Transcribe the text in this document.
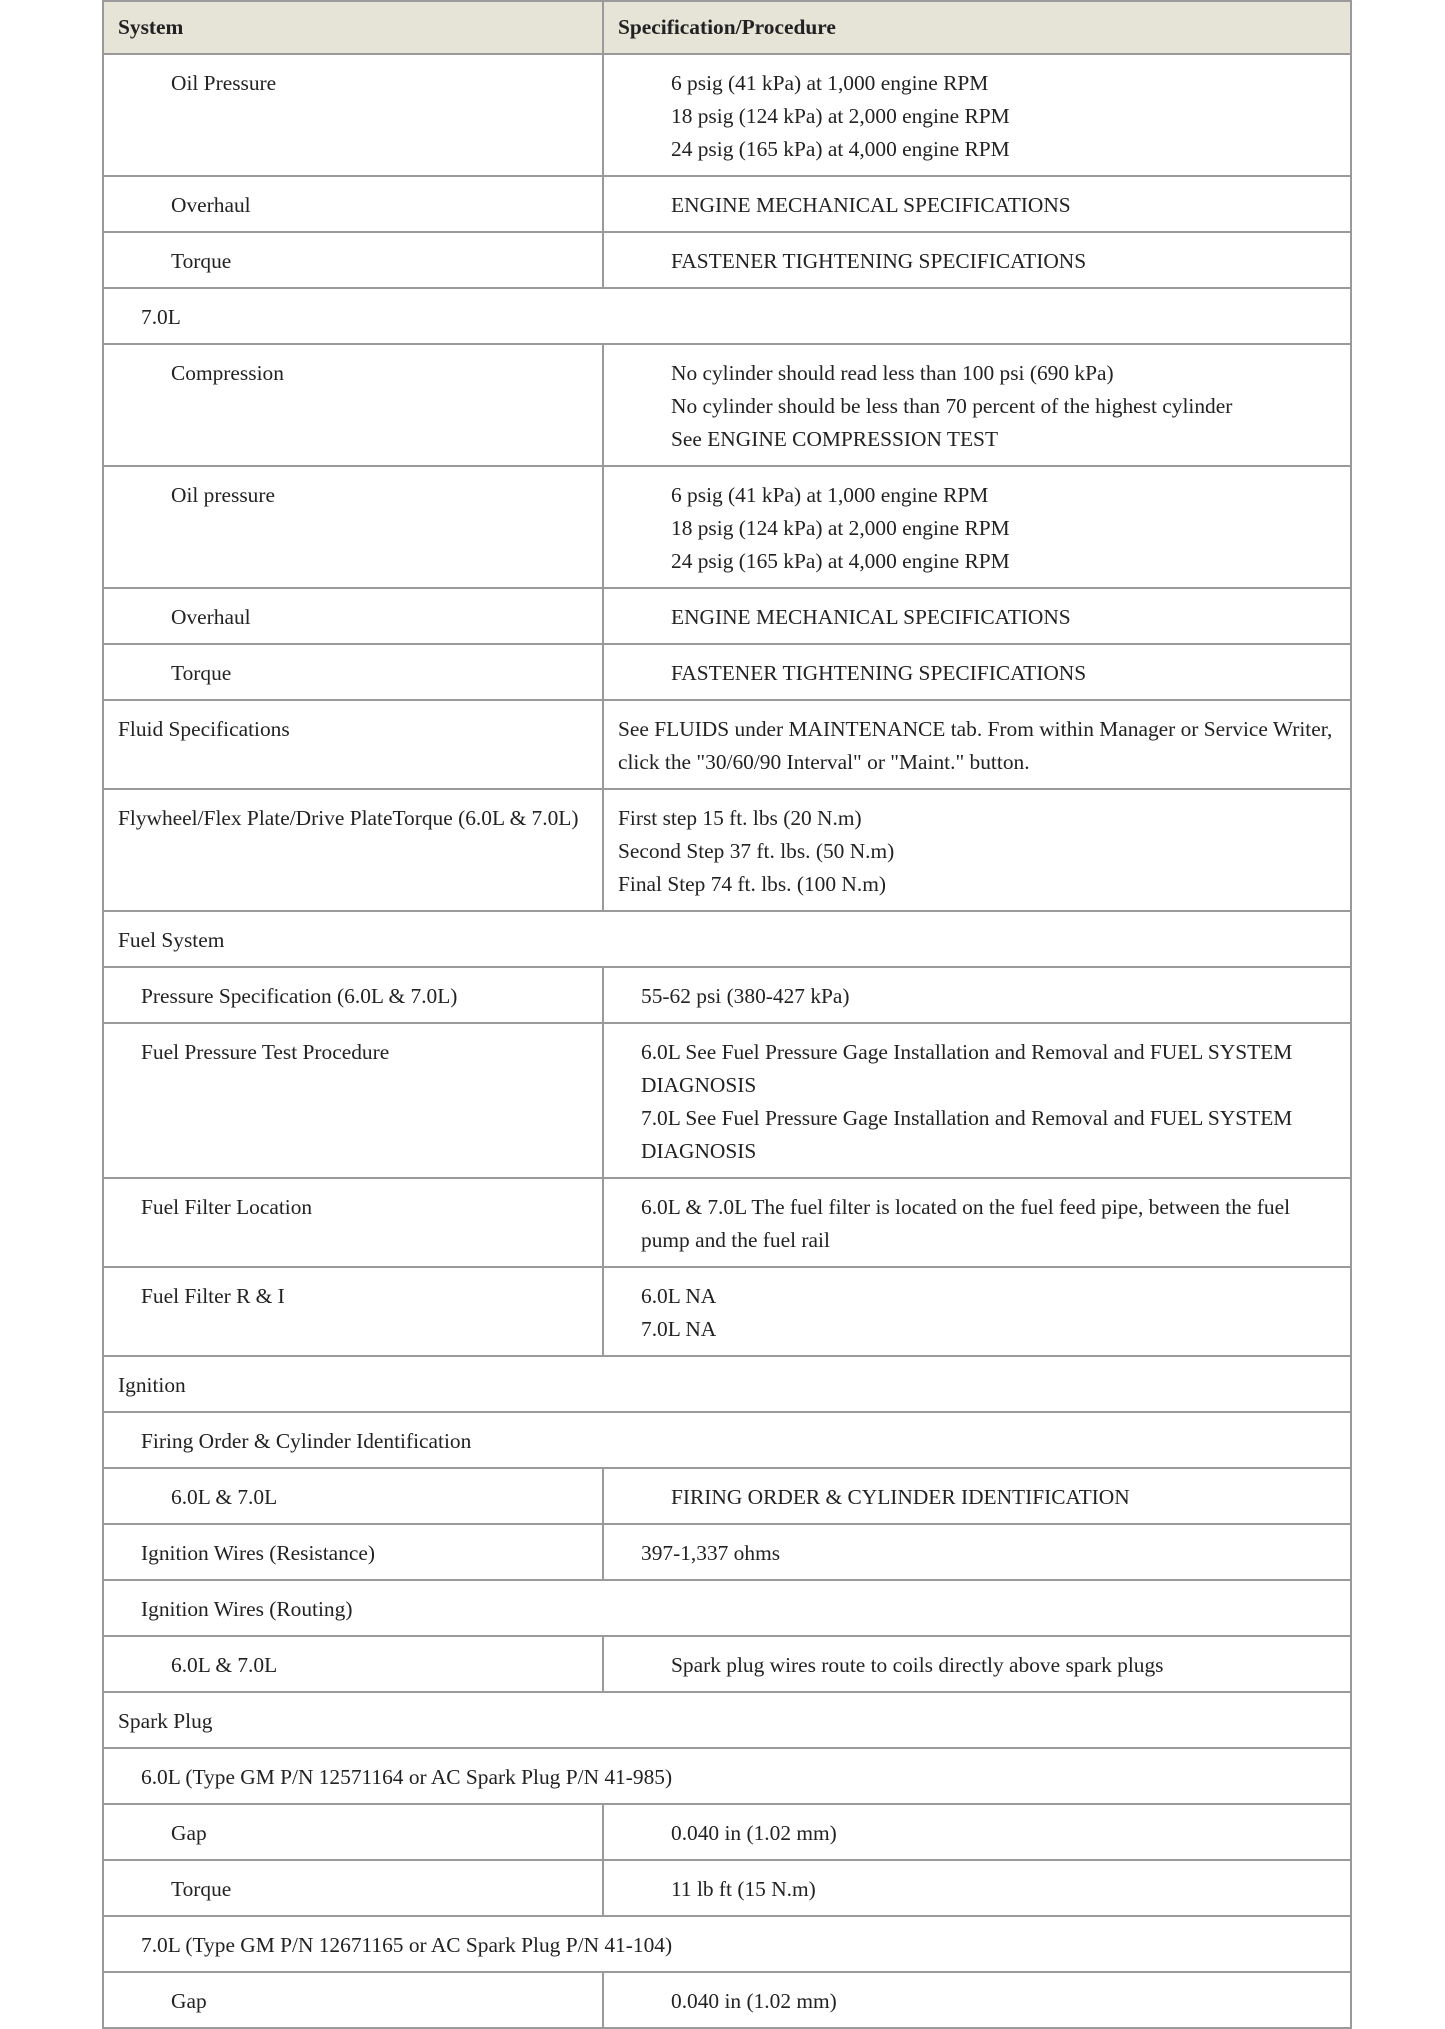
System	Specification/Procedure
Oil Pressure	6 psig (41 kPa) at 1,000 engine RPM
18 psig (124 kPa) at 2,000 engine RPM
24 psig (165 kPa) at 4,000 engine RPM

Overhaul	ENGINE MECHANICAL SPECIFICATIONS

Torque	FASTENER TIGHTENING SPECIFICATIONS

7.0L	
Compression	No cylinder should read less than 100 psi (690 kPa)
No cylinder should be less than 70 percent of the highest cylinder
See ENGINE COMPRESSION TEST

Oil pressure	6 psig (41 kPa) at 1,000 engine RPM
18 psig (124 kPa) at 2,000 engine RPM
24 psig (165 kPa) at 4,000 engine RPM

Overhaul	ENGINE MECHANICAL SPECIFICATIONS

Torque	FASTENER TIGHTENING SPECIFICATIONS

Fluid Specifications	See FLUIDS under MAINTENANCE tab. From within Manager or Service Writer, click the "30/60/90 Interval" or "Maint." button.

Flywheel/Flex Plate/Drive PlateTorque (6.0L & 7.0L)	First step 15 ft. lbs (20 N.m)
Second Step 37 ft. lbs. (50 N.m)
Final Step 74 ft. lbs. (100 N.m)

Fuel System	
Pressure Specification (6.0L & 7.0L)	55-62 psi (380-427 kPa)

Fuel Pressure Test Procedure	6.0L See Fuel Pressure Gage Installation and Removal and FUEL SYSTEM DIAGNOSIS
7.0L See Fuel Pressure Gage Installation and Removal and FUEL SYSTEM DIAGNOSIS

Fuel Filter Location	6.0L & 7.0L The fuel filter is located on the fuel feed pipe, between the fuel pump and the fuel rail

Fuel Filter R & I	6.0L NA
7.0L NA

Ignition	
Firing Order & Cylinder Identification	
6.0L & 7.0L	FIRING ORDER & CYLINDER IDENTIFICATION

Ignition Wires (Resistance)	397-1,337 ohms

Ignition Wires (Routing)	
6.0L & 7.0L	Spark plug wires route to coils directly above spark plugs

Spark Plug	
6.0L (Type GM P/N 12571164 or AC Spark Plug P/N 41-985)	
Gap	0.040 in (1.02 mm)

Torque	11 lb ft (15 N.m)

7.0L (Type GM P/N 12671165 or AC Spark Plug P/N 41-104)	
Gap	0.040 in (1.02 mm)
